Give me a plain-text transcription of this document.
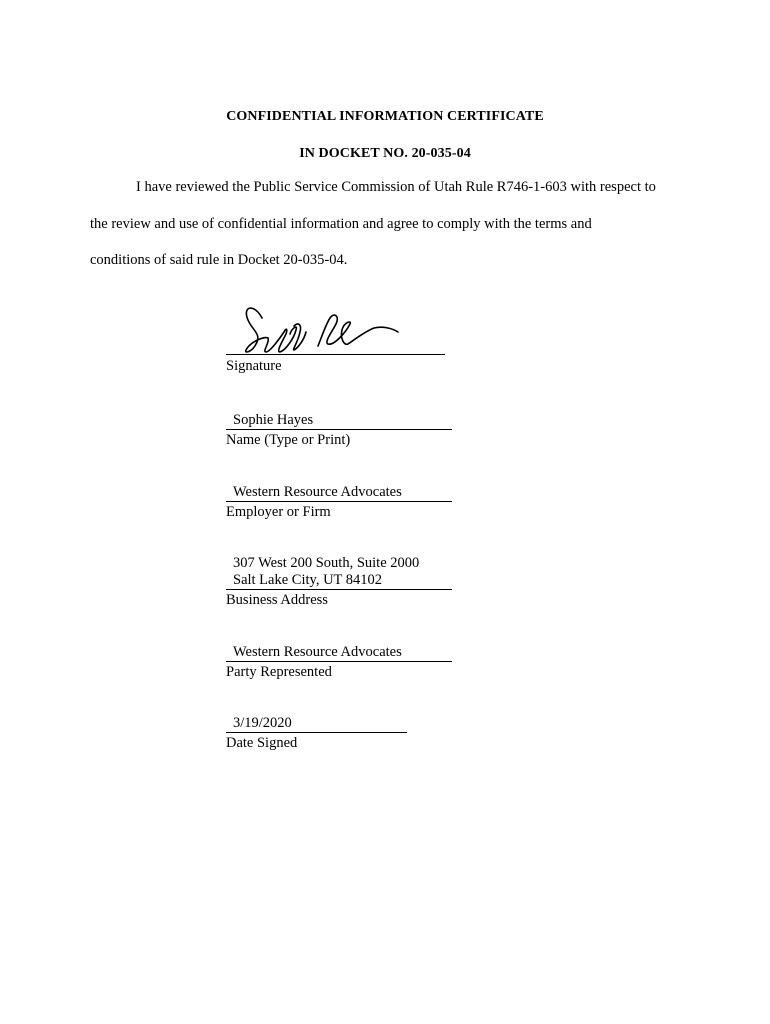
CONFIDENTIAL INFORMATION CERTIFICATE
IN DOCKET NO. 20-035-04
I have reviewed the Public Service Commission of Utah Rule R746-1-603 with respect to
the review and use of confidential information and agree to comply with the terms and
conditions of said rule in Docket 20-035-04.
Signature
Sophie Hayes
Name (Type or Print)
Western Resource Advocates
Employer or Firm
307 West 200 South, Suite 2000
Salt Lake City, UT 84102
Business Address
Western Resource Advocates
Party Represented
3/19/2020
Date Signed
